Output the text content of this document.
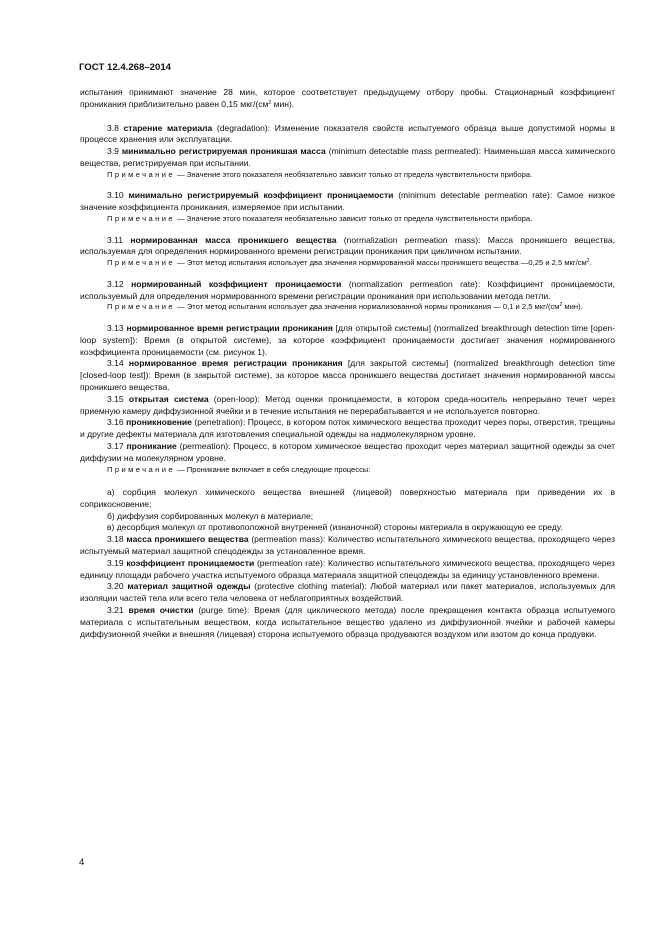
ГОСТ 12.4.268–2014

испытания принимают значение 28 мин, которое соответствует предыдущему отбору пробы. Стационарный коэффициент проникания приблизительно равен 0,15 мкг/($см^2$ мин).

3.8 старение материала (degradation): Изменение показателя свойств испытуемого образца выше допустимой нормы в процессе хранения или эксплуатации.

3.9 минимально регистрируемая проникшая масса (minimum detectable mass permeated): Наименьшая масса химического вещества, регистрируемая при испытании.

Примечание — Значение этого показателя необязательно зависит только от предела чувствительности прибора.

3.10 минимально регистрируемый коэффициент проницаемости (minimum detectable permeation rate): Самое низкое значение коэффициента проникания, измеряемое при испытании.

Примечание — Значение этого показателя необязательно зависит только от предела чувствительности прибора.

3.11 нормированная масса проникшего вещества (normalization permeation mass): Масса проникшего вещества, используемая для определения нормированного времени регистрации проникания при цикличном испытании.

Примечание — Этот метод испытания использует два значения нормированной массы проникшего вещества —0,25 и 2,5 мкг/$см^2$.

3.12 нормированный коэффициент проницаемости (normalization permeation rate): Коэффициент проницаемости, используемый для определения нормированного времени регистрации проникания при использовании метода петли.

Примечание — Этот метод испытания использует два значения нормализованной нормы проникания — 0,1 и 2,5 мкг/($см^2$ мин).

3.13 нормированное время регистрации проникания [для открытой системы] (normalized breakthrough detection time [open-loop system]): Время (в открытой системе), за которое коэффициент проницаемости достигает значения нормированного коэффициента проницаемости (см. рисунок 1).

3.14 нормированное время регистрации проникания [для закрытой системы] (normalized breakthrough detection time [closed-loop test]): Время (в закрытой системе), за которое масса проникшего вещества достигает значения нормированной массы проникшего вещества.

3.15 открытая система (open-loop): Метод оценки проницаемости, в котором среда-носитель непрерывно течет через приемную камеру диффузионной ячейки и в течение испытания не перерабатывается и не используется повторно.

3.16 проникновение (penetration): Процесс, в котором поток химического вещества проходит через поры, отверстия, трещины и другие дефекты материала для изготовления специальной одежды на надмолекулярном уровне.

3.17 проникание (permeation): Процесс, в котором химическое вещество проходит через материал защитной одежды за счет диффузии на молекулярном уровне.

Примечание — Проникание включает в себя следующие процессы:

а) сорбция молекул химического вещества внешней (лицевой) поверхностью материала при приведении их в соприкосновение;

б) диффузия сорбированных молекул в материале;

в) десорбция молекул от противоположной внутренней (изнаночной) стороны материала в окружающую ее среду.

3.18 масса проникшего вещества (permeation mass): Количество испытательного химического вещества, проходящего через испытуемый материал защитной спецодежды за установленное время.

3.19 коэффициент проницаемости (permeation rate): Количество испытательного химического вещества, проходящего через единицу площади рабочего участка испытуемого образца материала защитной спецодежды за единицу установленного времени.

3.20 материал защитной одежды (protective clothing material): Любой материал или пакет материалов, используемых для изоляции частей тела или всего тела человека от неблагоприятных воздействий.

3.21 время очистки (purge time): Время (для циклического метода) после прекращения контакта образца испытуемого материала с испытательным веществом, когда испытательное вещество удалено из диффузионной ячейки и рабочей камеры диффузионной ячейки и внешняя (лицевая) сторона испытуемого образца продуваются воздухом или азотом до конца продувки.

4
